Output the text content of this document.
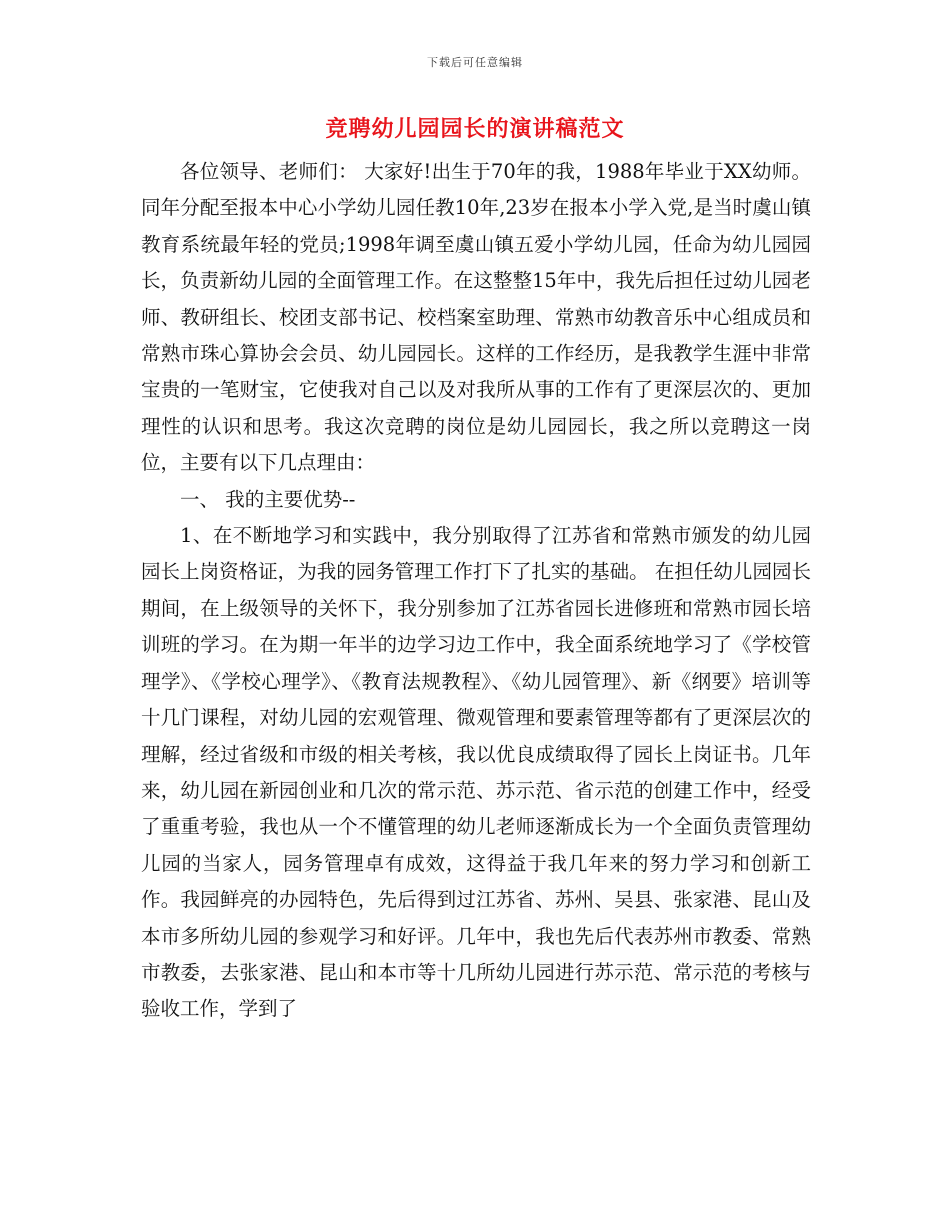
下载后可任意编辑
竞聘幼儿园园长的演讲稿范文

各位领导、老师们： 大家好!出生于70年的我，1988年毕业于XX幼师。同年分配至报本中心小学幼儿园任教10年,23岁在报本小学入党,是当时虞山镇教育系统最年轻的党员;1998年调至虞山镇五爱小学幼儿园，任命为幼儿园园长，负责新幼儿园的全面管理工作。在这整整15年中，我先后担任过幼儿园老师、教研组长、校团支部书记、校档案室助理、常熟市幼教音乐中心组成员和常熟市珠心算协会会员、幼儿园园长。这样的工作经历，是我教学生涯中非常宝贵的一笔财宝，它使我对自己以及对我所从事的工作有了更深层次的、更加理性的认识和思考。我这次竞聘的岗位是幼儿园园长，我之所以竞聘这一岗位，主要有以下几点理由：

一、 我的主要优势--

1、在不断地学习和实践中，我分别取得了江苏省和常熟市颁发的幼儿园园长上岗资格证，为我的园务管理工作打下了扎实的基础。 在担任幼儿园园长期间，在上级领导的关怀下，我分别参加了江苏省园长进修班和常熟市园长培训班的学习。在为期一年半的边学习边工作中，我全面系统地学习了《学校管理学》、《学校心理学》、《教育法规教程》、《幼儿园管理》、新《纲要》培训等十几门课程，对幼儿园的宏观管理、微观管理和要素管理等都有了更深层次的理解，经过省级和市级的相关考核，我以优良成绩取得了园长上岗证书。几年来，幼儿园在新园创业和几次的常示范、苏示范、省示范的创建工作中，经受了重重考验，我也从一个不懂管理的幼儿老师逐渐成长为一个全面负责管理幼儿园的当家人，园务管理卓有成效，这得益于我几年来的努力学习和创新工作。我园鲜亮的办园特色，先后得到过江苏省、苏州、吴县、张家港、昆山及本市多所幼儿园的参观学习和好评。几年中，我也先后代表苏州市教委、常熟市教委，去张家港、昆山和本市等十几所幼儿园进行苏示范、常示范的考核与验收工作，学到了
